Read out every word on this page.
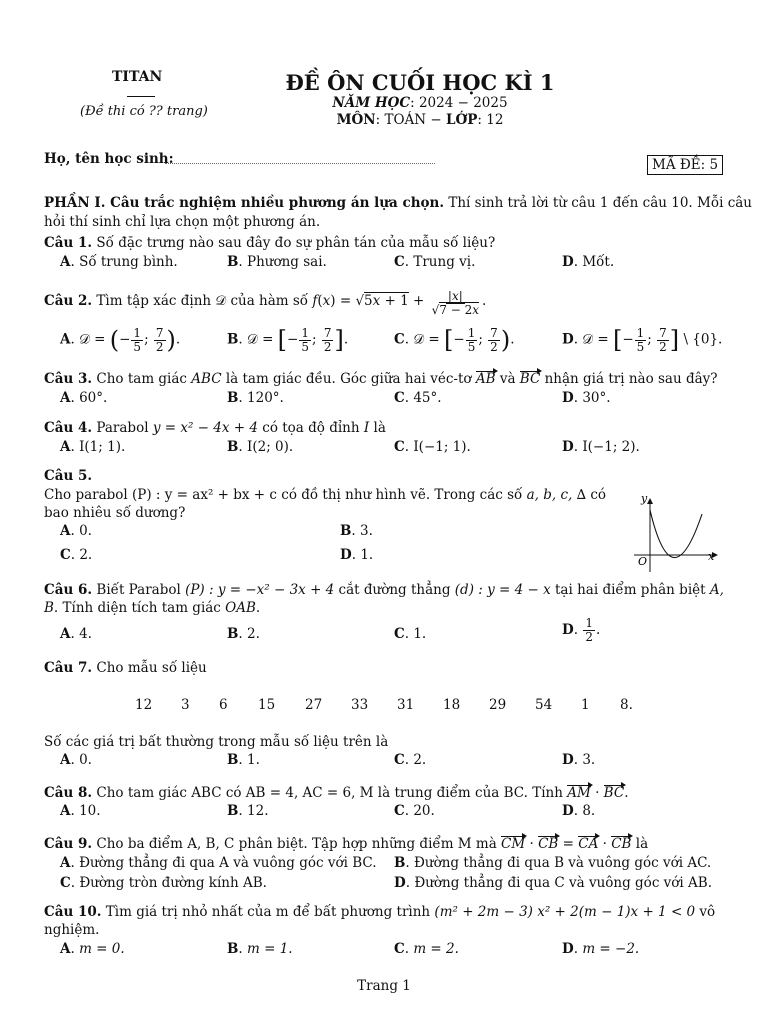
TITAN
(Đề thi có ?? trang)
ĐỀ ÔN CUỐI HỌC KÌ 1
NĂM HỌC: 2024 − 2025
MÔN: TOÁN − LỚP: 12
Họ, tên học sinh:	MÃ ĐỀ: 5
PHẦN I. Câu trắc nghiệm nhiều phương án lựa chọn. Thí sinh trả lời từ câu 1 đến câu 10. Mỗi câu
hỏi thí sinh chỉ lựa chọn một phương án.
Câu 1. Số đặc trưng nào sau đây đo sự phân tán của mẫu số liệu?
A. Số trung bình.	B. Phương sai.	C. Trung vị.	D. Mốt.
Câu 2. Tìm tập xác định 𝒟 của hàm số $f(x) = √5x + 1 + \frac{|x|}{√7 - 2x}$ .
A. 𝒟 = (− $\frac{1}{5}$ ; $\frac{7}{2}$ ).	B. 𝒟 = [− $\frac{1}{5}$ ; $\frac{7}{2}$ ].	C. 𝒟 = [− $\frac{1}{5}$ ; $\frac{7}{2}$ ).	D. 𝒟 = [− $\frac{1}{5}$ ; $\frac{7}{2}$ ] \ {0}.
Câu 3. Cho tam giác ABC là tam giác đều. Góc giữa hai véc-tơ AB và BC nhận giá trị nào sau đây?
A. 60°.	B. 120°.	C. 45°.	D. 30°.
Câu 4. Parabol y = x² − 4x + 4 có tọa độ đỉnh I là
A. I(1; 1).	B. I(2; 0).	C. I(−1; 1).	D. I(−1; 2).
Câu 5.
Cho parabol (P) : y = ax² + bx + c có đồ thị như hình vẽ. Trong các số a, b, c, ∆ có
bao nhiêu số dương?
A. 0.	B. 3.
C. 2.	D. 1.
y
x
O
Câu 6. Biết Parabol (P) : y = −x² − 3x + 4 cắt đường thẳng (d) : y = 4 − x tại hai điểm phân biệt A,
B. Tính diện tích tam giác OAB.
A. 4.	B. 2.	C. 1.	D. $\frac{1}{2}$ .
Câu 7. Cho mẫu số liệu
12 3 6 15 27 33 31 18 29 54 1 8.
Số các giá trị bất thường trong mẫu số liệu trên là
A. 0.	B. 1.	C. 2.	D. 3.
Câu 8. Cho tam giác ABC có AB = 4, AC = 6, M là trung điểm của BC. Tính AM · BC.
A. 10.	B. 12.	C. 20.	D. 8.
Câu 9. Cho ba điểm A, B, C phân biệt. Tập hợp những điểm M mà CM · CB = CA · CB là
A. Đường thẳng đi qua A và vuông góc với BC. B. Đường thẳng đi qua B và vuông góc với AC.
C. Đường tròn đường kính AB.	D. Đường thẳng đi qua C và vuông góc với AB.
Câu 10. Tìm giá trị nhỏ nhất của m để bất phương trình (m² + 2m − 3) x² + 2(m − 1)x + 1 < 0 vô
nghiệm.
A. m = 0.	B. m = 1.	C. m = 2.	D. m = −2.
Trang 1
